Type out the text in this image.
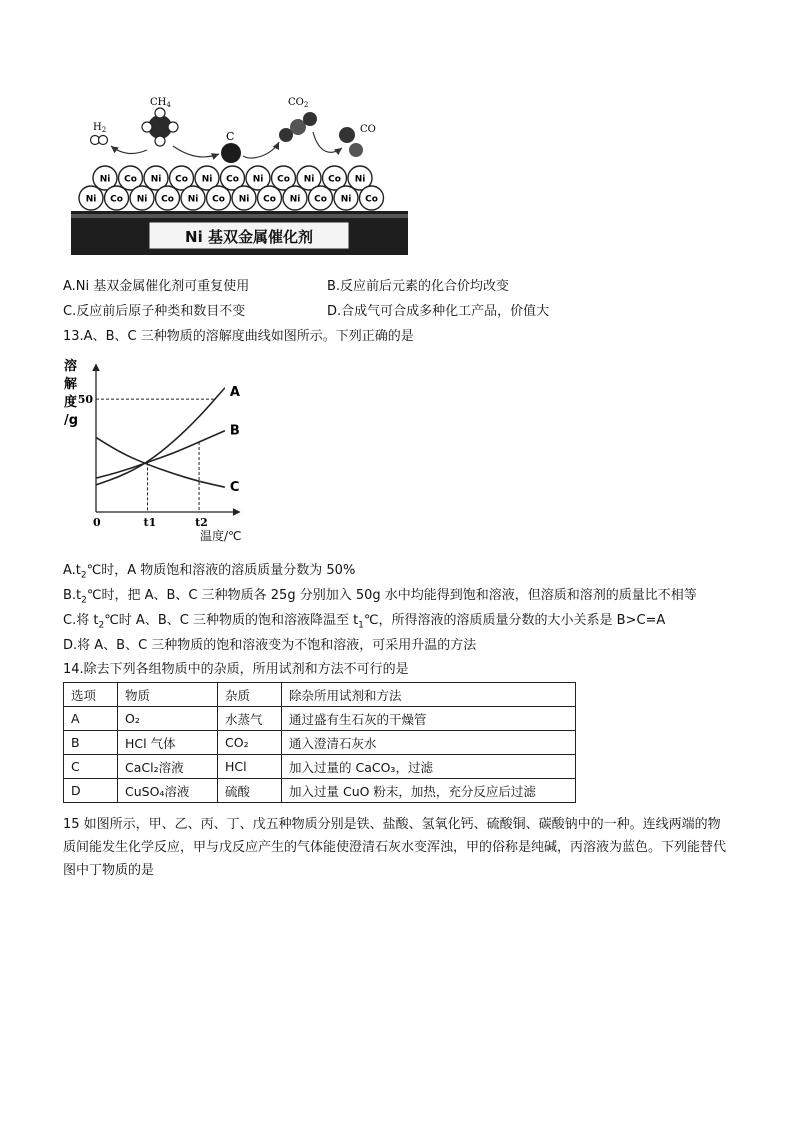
Ni 基双金属催化剂
Ni Co Ni Co Ni Co Ni Co Ni Co Ni
Ni Co Ni Co Ni Co Ni Co Ni Co Ni Co
$H_2$
$CH_4$
C
$CO_2$
CO
A.Ni 基双金属催化剂可重复使用	B.反应前后元素的化合价均改变
C.反应前后原子种类和数目不变	D.合成气可合成多种化工产品，价值大
13.A、B、C 三种物质的溶解度曲线如图所示。下列正确的是
溶
解
度
/g
A
B
C
0	t1	t2
50
温度/℃
$A.t_2℃$时，A 物质饱和溶液的溶质质量分数为 50%
$B.t_2℃$时，把 A、B、C 三种物质各 25g 分别加入 50g 水中均能得到饱和溶液，但溶质和溶剂的质量比不相等
C.将 $t_2℃$时 A、B、C 三种物质的饱和溶液降温至 $t_1℃$，所得溶液的溶质质量分数的大小关系是 B>C=A
D.将 A、B、C 三种物质的饱和溶液变为不饱和溶液，可采用升温的方法
14.除去下列各组物质中的杂质，所用试剂和方法不可行的是
选项	物质	杂质	除杂所用试剂和方法
A	O₂	水蒸气	通过盛有生石灰的干燥管
B	HCl 气体	CO₂	通入澄清石灰水
C	CaCl₂溶液	HCl	加入过量的 CaCO₃，过滤
D	CuSO₄溶液	硫酸	加入过量 CuO 粉末，加热，充分反应后过滤
15 如图所示，甲、乙、丙、丁、戊五种物质分别是铁、盐酸、氢氧化钙、硫酸铜、碳酸钠中的一种。连线两端的物质间能发生化学反应，甲与戊反应产生的气体能使澄清石灰水变浑浊，甲的俗称是纯碱，丙溶液为蓝色。下列能替代图中丁物质的是
